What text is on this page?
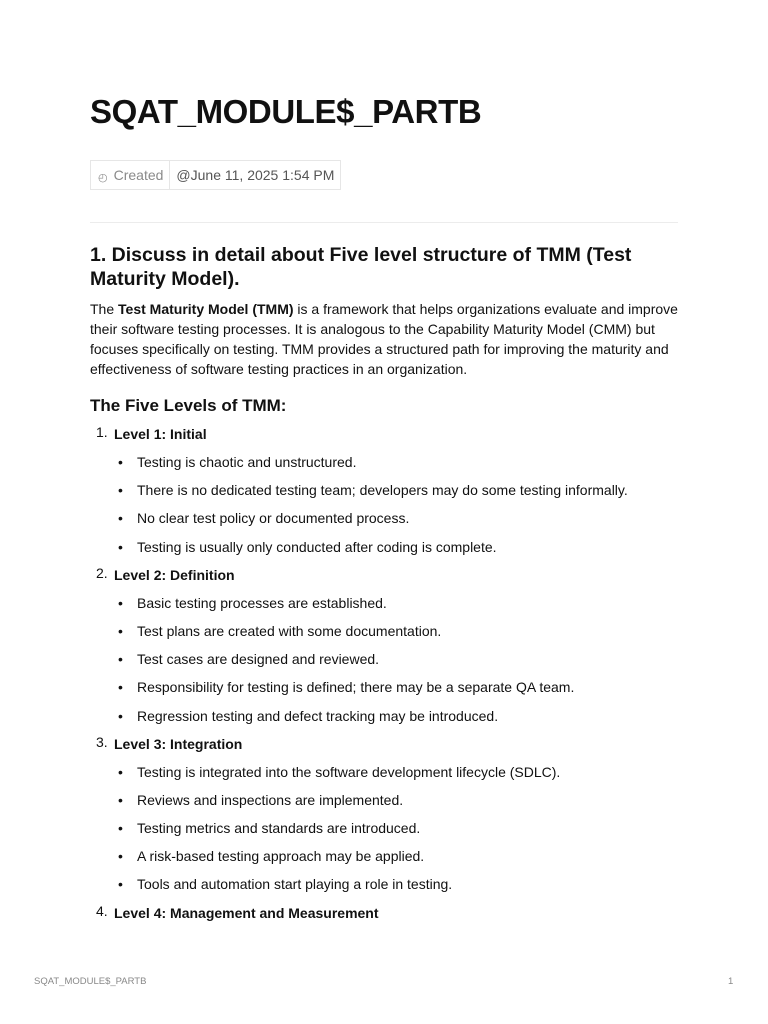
SQAT_MODULE$_PARTB
◴ Created @June 11, 2025 1:54 PM
1. Discuss in detail about Five level structure of TMM (Test Maturity Model).

The Test Maturity Model (TMM) is a framework that helps organizations evaluate and improve their software testing processes. It is analogous to the Capability Maturity Model (CMM) but focuses specifically on testing. TMM provides a structured path for improving the maturity and effectiveness of software testing practices in an organization.

The Five Levels of TMM:
1. Level 1: Initial
• Testing is chaotic and unstructured.
• There is no dedicated testing team; developers may do some testing informally.
• No clear test policy or documented process.
• Testing is usually only conducted after coding is complete.
2. Level 2: Definition
• Basic testing processes are established.
• Test plans are created with some documentation.
• Test cases are designed and reviewed.
• Responsibility for testing is defined; there may be a separate QA team.
• Regression testing and defect tracking may be introduced.
3. Level 3: Integration
• Testing is integrated into the software development lifecycle (SDLC).
• Reviews and inspections are implemented.
• Testing metrics and standards are introduced.
• A risk-based testing approach may be applied.
• Tools and automation start playing a role in testing.
4. Level 4: Management and Measurement
SQAT_MODULE$_PARTB	1
